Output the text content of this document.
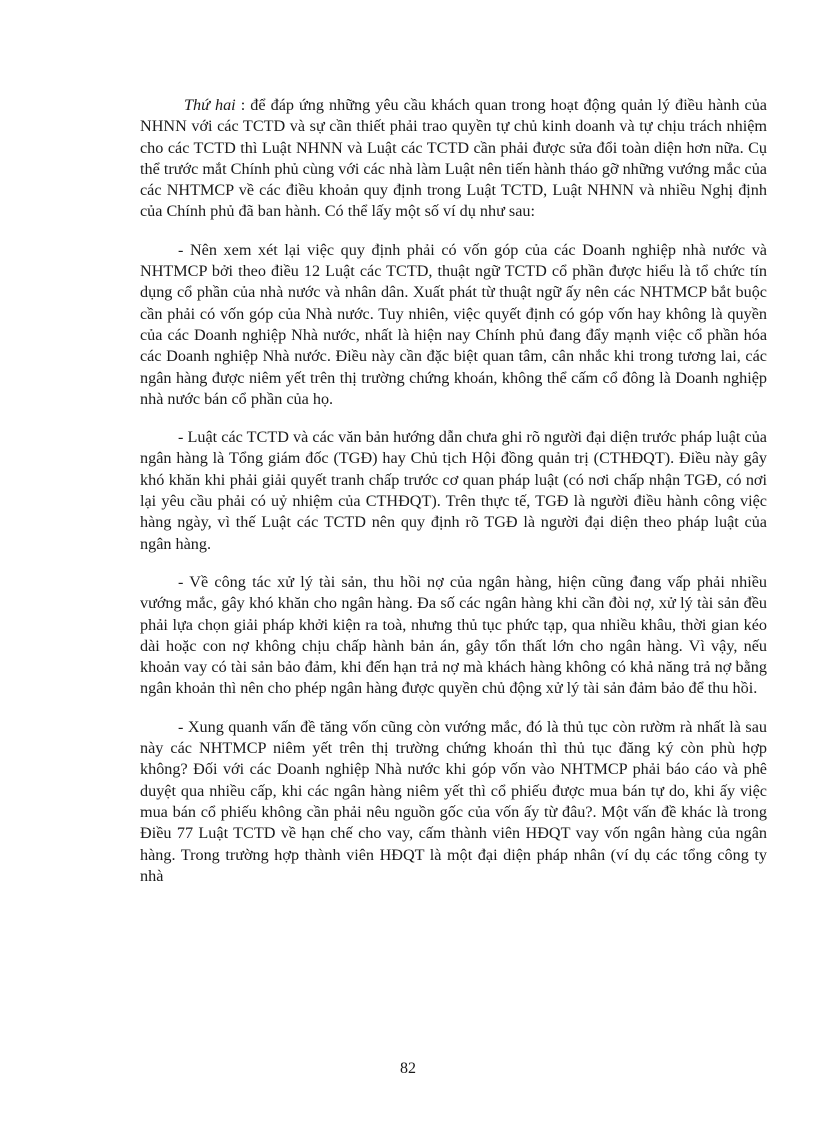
Thứ hai : để đáp ứng những yêu cầu khách quan trong hoạt động quản lý điều hành của NHNN với các TCTD và sự cần thiết phải trao quyền tự chủ kinh doanh và tự chịu trách nhiệm cho các TCTD thì Luật NHNN và Luật các TCTD cần phải được sửa đổi toàn diện hơn nữa. Cụ thể trước mắt Chính phủ cùng với các nhà làm Luật nên tiến hành tháo gỡ những vướng mắc của các NHTMCP về các điều khoản quy định trong Luật TCTD, Luật NHNN và nhiều Nghị định của Chính phủ đã ban hành. Có thể lấy một số ví dụ như sau:

- Nên xem xét lại việc quy định phải có vốn góp của các Doanh nghiệp nhà nước và NHTMCP bởi theo điều 12 Luật các TCTD, thuật ngữ TCTD cổ phần được hiểu là tổ chức tín dụng cổ phần của nhà nước và nhân dân. Xuất phát từ thuật ngữ ấy nên các NHTMCP bắt buộc cần phải có vốn góp của Nhà nước. Tuy nhiên, việc quyết định có góp vốn hay không là quyền của các Doanh nghiệp Nhà nước, nhất là hiện nay Chính phủ đang đẩy mạnh việc cổ phần hóa các Doanh nghiệp Nhà nước. Điều này cần đặc biệt quan tâm, cân nhắc khi trong tương lai, các ngân hàng được niêm yết trên thị trường chứng khoán, không thể cấm cổ đông là Doanh nghiệp nhà nước bán cổ phần của họ.

- Luật các TCTD và các văn bản hướng dẫn chưa ghi rõ người đại diện trước pháp luật của ngân hàng là Tổng giám đốc (TGĐ) hay Chủ tịch Hội đồng quản trị (CTHĐQT). Điều này gây khó khăn khi phải giải quyết tranh chấp trước cơ quan pháp luật (có nơi chấp nhận TGĐ, có nơi lại yêu cầu phải có uỷ nhiệm của CTHĐQT). Trên thực tế, TGĐ là người điều hành công việc hàng ngày, vì thế Luật các TCTD nên quy định rõ TGĐ là người đại diện theo pháp luật của ngân hàng.

- Về công tác xử lý tài sản, thu hồi nợ của ngân hàng, hiện cũng đang vấp phải nhiều vướng mắc, gây khó khăn cho ngân hàng. Đa số các ngân hàng khi cần đòi nợ, xử lý tài sản đều phải lựa chọn giải pháp khởi kiện ra toà, nhưng thủ tục phức tạp, qua nhiều khâu, thời gian kéo dài hoặc con nợ không chịu chấp hành bản án, gây tổn thất lớn cho ngân hàng. Vì vậy, nếu khoản vay có tài sản bảo đảm, khi đến hạn trả nợ mà khách hàng không có khả năng trả nợ bằng ngân khoản thì nên cho phép ngân hàng được quyền chủ động xử lý tài sản đảm bảo để thu hồi.

- Xung quanh vấn đề tăng vốn cũng còn vướng mắc, đó là thủ tục còn rườm rà nhất là sau này các NHTMCP niêm yết trên thị trường chứng khoán thì thủ tục đăng ký còn phù hợp không? Đối với các Doanh nghiệp Nhà nước khi góp vốn vào NHTMCP phải báo cáo và phê duyệt qua nhiều cấp, khi các ngân hàng niêm yết thì cổ phiếu được mua bán tự do, khi ấy việc mua bán cổ phiếu không cần phải nêu nguồn gốc của vốn ấy từ đâu?. Một vấn đề khác là trong Điều 77 Luật TCTD về hạn chế cho vay, cấm thành viên HĐQT vay vốn ngân hàng của ngân hàng. Trong trường hợp thành viên HĐQT là một đại diện pháp nhân (ví dụ các tổng công ty nhà

82
